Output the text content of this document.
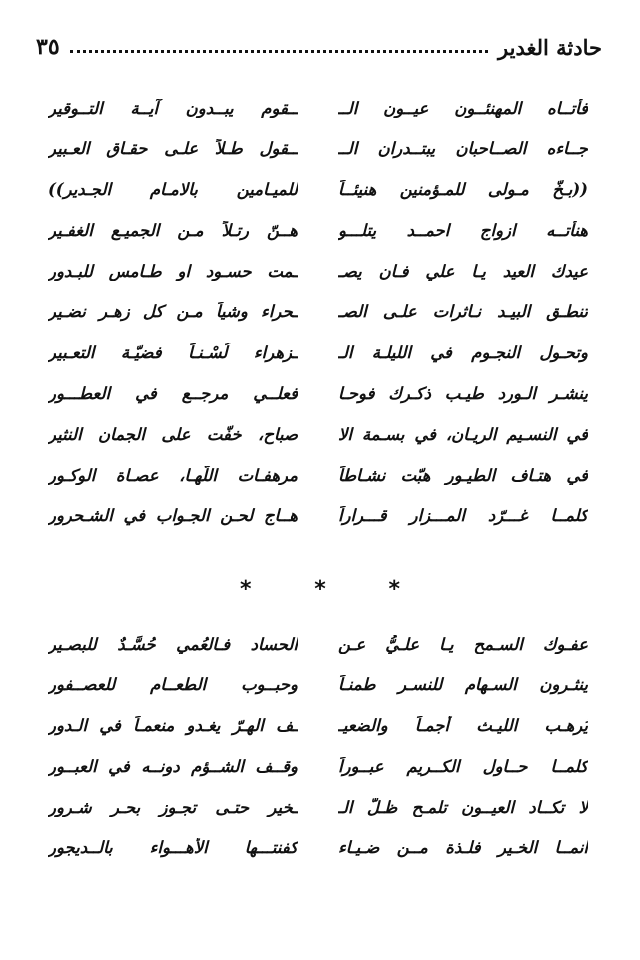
حادثة الغدير
٣٥
فأتــاه المهنئــون عيــون الــ
ــقوم يبــدون آيــة التــوقير
جــاءه الصــاحبان يبتــدران الــ
ــقول طـلاً علـى حقـاق العـبير
((بـخّ مـولى للمـؤمنين هنيئــاً
للميـامين بالامـام الجـدير))
هنأتــه ازواج احمــد يتلـــو
هــنّ رتـلاً مـن الجميـع الغفـير
عيدك العيد يـا علي فـان يصـ
ـمت حسـود او طـامس للبـدور
تنطـق البيـد نـاثرات علـى الصـ
ـحراء وشياً مـن كل زهـر نضـير
وتحـول النجـوم في الليلـة الـ
ـزهراء لُسْـنـاً فضيّـة التعـبير
ينشـر الـورد طيـب ذكـرك فوحـا
فعلــي مرجــع في العطـــور
في النسـيم الريـان، في بسـمة الا
صباح، خفّت على الجمان النثير
في هتـاف الطيـور هبّت نشـاطاً
مرهفـات اللّهـا، عصـاة الوكـور
كلمــا غـــرّد المـــزار قـــراراً
هــاج لحـن الجـواب في الشـحرور
*
*
*
عفـوك السـمح يـا علـيُّ عـن
الحساد فـالعُمي حُسَّـدٌ للبصـير
ينثـرون السـهام للنسـر طمنـاً
وحبــوب الطعــام للعصــفور
يُرهـب الليـث أجمـاً والضعيـ
ـف الهـرّ يغـدو منعمـاً في الـدور
كلمــا حــاول الكــريم عبــوراً
وقــف الشــؤم دونــه في العبــور
لا تكــاد العيــون تلمـح ظـلّ الـ
ـخير حتـى تجـوز بحـر شـرور
انمــا الخـير فلـذة مــن ضـيـاء
كفنتـــها الأهـــواء بالــديجور
